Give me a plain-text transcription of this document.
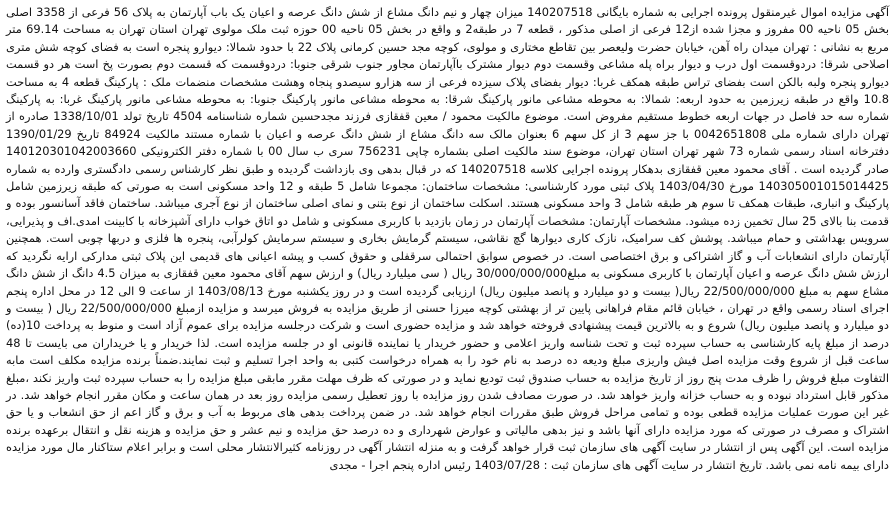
آگهی مزایده اموال غیرمنقول پرونده اجرایی به شماره بایگانی 140207518 میزان چهار و نیم دانگ مشاع از شش دانگ عرصه و اعیان یک باب آپارتمان به پلاک 56 فرعی از 3358 اصلی بخش 05 ناحیه 00 مفروز و مجزا شده از12 فرعی از اصلی مذکور ، قطعه 7 در طبقه2 و واقع در بخش 05 ناحیه 00 حوزه ثبت ملک مولوی تهران استان تهران به مساحت 69.14 متر مربع به نشانی : تهران میدان راه آهن، خیابان حضرت ولیعصر بین تقاطع مختاری و مولوی، کوچه مجد حسین کرمانی پلاک 22 با حدود شمالا: دیوارو پنجره است به فضای کوچه شش متری اصلاحی شرقا: دردوقسمت اول درب و دیوار براه پله مشاعی وقسمت دوم دیوار مشترک باآپارتمان مجاور جنوب شرقی جنوبا: دردوقسمت که قسمت دوم بصورت پخ است هر دو قسمت دیوارو پنجره ولبه بالکن است بفضای تراس طبقه همکف غربا: دیوار بفضای پلاک سیزده فرعی از سه هزارو سیصدو پنجاه وهشت مشخصات منضمات ملک : پارکینگ قطعه 4 به مساحت 10.8 واقع در طبقه زیرزمین به حدود اربعه: شمالا: به محوطه مشاعی مانور پارکینگ شرقا: به محوطه مشاعی مانور پارکینگ جنوبا: به محوطه مشاعی مانور پارکینگ غربا: به پارکینگ شماره سه حد فاصل در جهات اربعه خطوط مستقیم مفروض است. موضوع مالکیت محمود / معین قفقازی فرزند مجدحسین شماره شناسنامه 4504 تاریخ تولد 1338/10/01 صادره از تهران دارای شماره ملی 0042651808 با جز سهم 3 از کل سهم 6 بعنوان مالک سه دانگ مشاع از شش دانگ عرصه و اعیان با شماره مستند مالکیت 84924 تاریخ 1390/01/29 دفترخانه اسناد رسمی شماره 73 شهر تهران استان تهران، موضوع سند مالکیت اصلی بشماره چاپی 756231 سری ب سال 00 با شماره دفتر الکترونیکی 140120301042003660 صادر گردیده است . آقای محمود معین قفقازی بدهکار پرونده اجرایی کلاسه 140207518 که در قبال بدهی وی بازداشت گردیده و طبق نظر کارشناس رسمی دادگستری وارده به شماره 14030500101501442​5 مورخ 1403/04/30 پلاک ثبتی مورد کارشناسی: مشخصات ساختمان: مجموعا شامل 5 طبقه و 12 واحد مسکونی است به صورتی که طبقه زیرزمین شامل پارکینگ و انباری، طبقات همکف تا سوم هر طبقه شامل 3 واحد مسکونی هستند. اسکلت ساختمان از نوع بتنی و نمای اصلی ساختمان از نوع آجری میباشد. ساختمان فاقد آسانسور بوده و قدمت بنا بالای 25 سال تخمین زده میشود. مشخصات آپارتمان: مشخصات آپارتمان در زمان بازدید با کاربری مسکونی و شامل دو اتاق خواب دارای آشپزخانه با کابینت امدی.اف و پذیرایی، سرویس بهداشتی و حمام میباشد. پوشش کف سرامیک، نازک کاری دیوارها گچ نقاشی، سیستم گرمایش بخاری و سیستم سرمایش کولرآبی، پنجره ها فلزی و دربها چوبی است. همچنین آپارتمان دارای انشعابات آب و گاز اشتراکی و برق اختصاصی است. در خصوص سوابق احتمالی سرقفلی و حقوق کسب و پیشه اعیانی های قدیمی این پلاک ثبتی مدارکی ارایه نگردید که ارزش شش دانگ عرصه و اعیان آپارتمان با کاربری مسکونی به مبلغ30/000/000/000 ریال ( سی میلیارد ریال) و ارزش سهم آقای محمود معین قفقازی به میزان 4.5 دانگ از شش دانگ مشاع سهم به مبلغ 22/500/000/000 ریال( بیست و دو میلیارد و پانصد میلیون ریال) ارزیابی گردیده است و در روز یکشنبه مورخ 1403/08/13 از ساعت 9 الی 12 در محل اداره پنجم اجرای اسناد رسمی واقع در تهران ، خیابان قائم مقام فراهانی پایین تر از بهشتی کوچه میرزا حسنی از طریق مزایده به فروش میرسد و مزایده ازمبلغ 22/500/000/000 ریال ( بیست و دو میلیارد و پانصد میلیون ریال) شروع و به بالاترین قیمت پیشنهادی فروخته خواهد شد و مزایده حضوری است و شرکت درجلسه مزایده برای عموم آزاد است و منوط به پرداخت 10(ده) درصد از مبلغ پایه کارشناسی به حساب سپرده ثبت و تحت شناسه واریز اعلامی و حضور خریدار یا نماینده قانونی او در جلسه مزایده است. لذا خریدار و یا خریداران می بایست تا 48 ساعت قبل از شروع وقت مزایده اصل فیش واریزی مبلغ ودیعه ده درصد به نام خود را به همراه درخواست کتبی به واحد اجرا تسلیم و ثبت نمایند.ضمناً برنده مزایده مکلف است مابه التفاوت مبلغ فروش را ظرف مدت پنج روز از تاریخ مزایده به حساب صندوق ثبت تودیع نماید و در صورتی که ظرف مهلت مقرر مابقی مبلغ مزایده را به حساب سپرده ثبت واریز نکند ،مبلغ مذکور قابل استرداد نبوده و به حساب خزانه واریز خواهد شد. در صورت مصادف شدن روز مزایده با روز تعطیل رسمی مزایده روز بعد در همان ساعت و مکان مقرر انجام خواهد شد. در غیر این صورت عملیات مزایده قطعی بوده و تمامی مراحل فروش طبق مقررات انجام خواهد شد. در ضمن پرداخت بدهی های مربوط به آب و برق و گاز اعم از حق انشعاب و یا حق اشتراک و مصرف در صورتی که مورد مزایده دارای آنها باشد و نیز بدهی مالیاتی و عوارض شهرداری و ده درصد حق مزایده و نیم عشر و حق مزایده و هزینه نقل و انتقال برعهده برنده مزایده است. این آگهی پس از انتشار در سایت آگهی های سازمان ثبت قرار خواهد گرفت و به منزله انتشار آگهی در روزنامه کثیرالانتشار محلی است و برابر اعلام ستاکنار مال مورد مزایده دارای بیمه نامه نمی باشد. تاریخ انتشار در سایت آگهی های سازمان ثبت : 1403/07/28 رئیس اداره پنجم اجرا - مجدی
